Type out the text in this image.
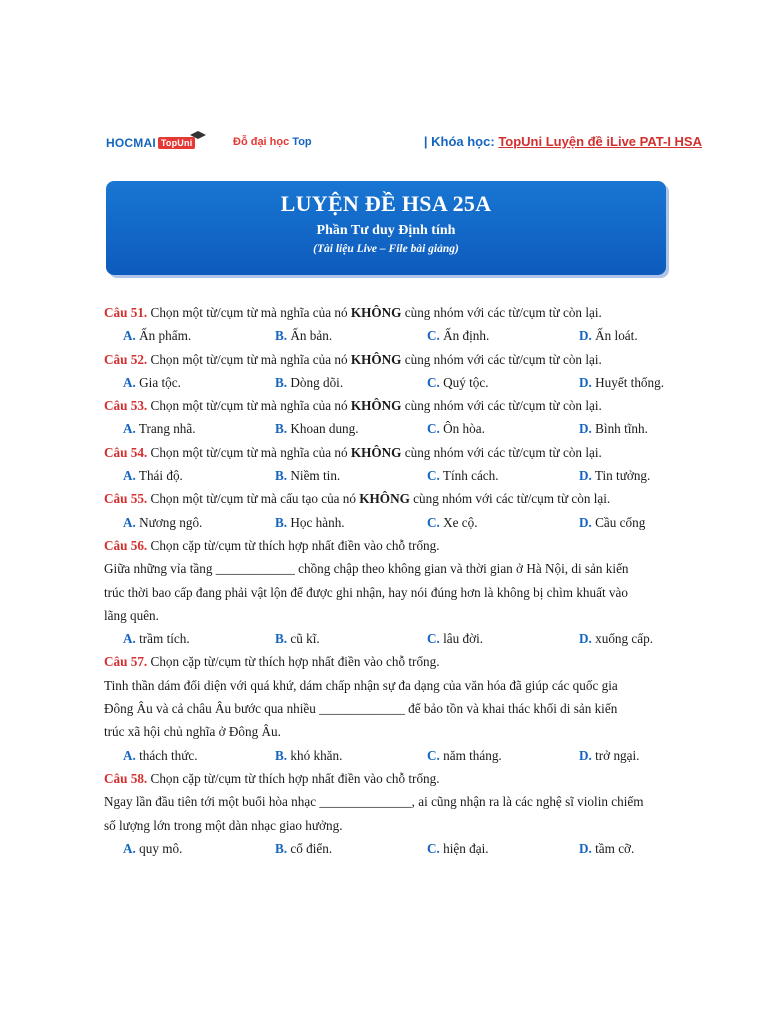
HOCMAI TopUni	Đỗ đại học Top	| Khóa học: TopUni Luyện đề iLive PAT-I HSA
LUYỆN ĐỀ HSA 25A
Phần Tư duy Định tính
(Tài liệu Live – File bài giảng)
Câu 51. Chọn một từ/cụm từ mà nghĩa của nó KHÔNG cùng nhóm với các từ/cụm từ còn lại.
A. Ấn phẩm.	B. Ấn bản.	C. Ấn định.	D. Ấn loát.
Câu 52. Chọn một từ/cụm từ mà nghĩa của nó KHÔNG cùng nhóm với các từ/cụm từ còn lại.
A. Gia tộc.	B. Dòng dõi.	C. Quý tộc.	D. Huyết thống.
Câu 53. Chọn một từ/cụm từ mà nghĩa của nó KHÔNG cùng nhóm với các từ/cụm từ còn lại.
A. Trang nhã.	B. Khoan dung.	C. Ôn hòa.	D. Bình tĩnh.
Câu 54. Chọn một từ/cụm từ mà nghĩa của nó KHÔNG cùng nhóm với các từ/cụm từ còn lại.
A. Thái độ.	B. Niềm tin.	C. Tính cách.	D. Tin tưởng.
Câu 55. Chọn một từ/cụm từ mà cấu tạo của nó KHÔNG cùng nhóm với các từ/cụm từ còn lại.
A. Nương ngô.	B. Học hành.	C. Xe cộ.	D. Cầu cống
Câu 56. Chọn cặp từ/cụm từ thích hợp nhất điền vào chỗ trống.
Giữa những vỉa tầng ____________ chồng chập theo không gian và thời gian ở Hà Nội, di sản kiến
trúc thời bao cấp đang phải vật lộn để được ghi nhận, hay nói đúng hơn là không bị chìm khuất vào
lãng quên.
A. trầm tích.	B. cũ kĩ.	C. lâu đời.	D. xuống cấp.
Câu 57. Chọn cặp từ/cụm từ thích hợp nhất điền vào chỗ trống.
Tinh thần dám đối diện với quá khứ, dám chấp nhận sự đa dạng của văn hóa đã giúp các quốc gia
Đông Âu và cả châu Âu bước qua nhiều _____________ để bảo tồn và khai thác khối di sản kiến
trúc xã hội chủ nghĩa ở Đông Âu.
A. thách thức.	B. khó khăn.	C. năm tháng.	D. trở ngại.
Câu 58. Chọn cặp từ/cụm từ thích hợp nhất điền vào chỗ trống.
Ngay lần đầu tiên tới một buổi hòa nhạc ______________, ai cũng nhận ra là các nghệ sĩ violin chiếm
số lượng lớn trong một dàn nhạc giao hưởng.
A. quy mô.	B. cổ điển.	C. hiện đại.	D. tầm cỡ.
